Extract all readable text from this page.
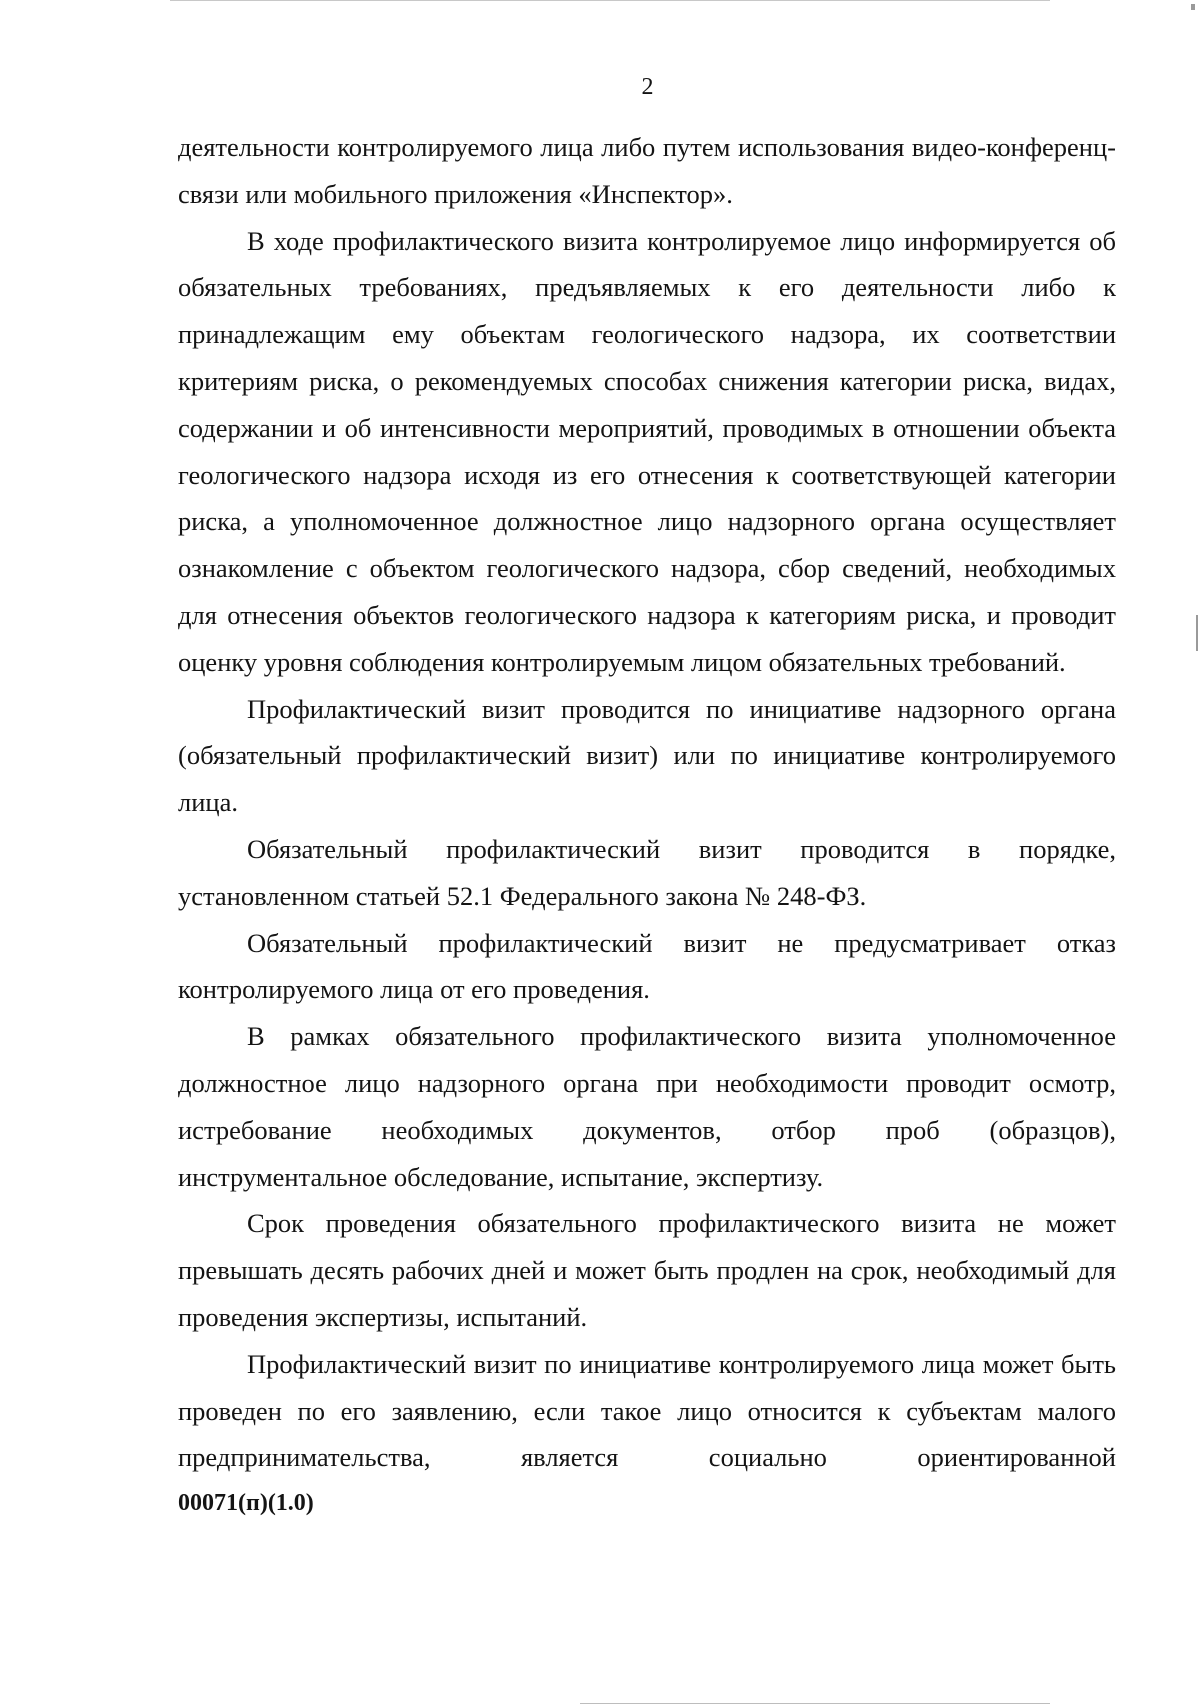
2

деятельности контролируемого лица либо путем использования видео-конференц-связи или мобильного приложения «Инспектор».

В ходе профилактического визита контролируемое лицо информируется об обязательных требованиях, предъявляемых к его деятельности либо к принадлежащим ему объектам геологического надзора, их соответствии критериям риска, о рекомендуемых способах снижения категории риска, видах, содержании и об интенсивности мероприятий, проводимых в отношении объекта геологического надзора исходя из его отнесения к соответствующей категории риска, а уполномоченное должностное лицо надзорного органа осуществляет ознакомление с объектом геологического надзора, сбор сведений, необходимых для отнесения объектов геологического надзора к категориям риска, и проводит оценку уровня соблюдения контролируемым лицом обязательных требований.

Профилактический визит проводится по инициативе надзорного органа (обязательный профилактический визит) или по инициативе контролируемого лица.

Обязательный профилактический визит проводится в порядке, установленном статьей 52.1 Федерального закона № 248-ФЗ.

Обязательный профилактический визит не предусматривает отказ контролируемого лица от его проведения.

В рамках обязательного профилактического визита уполномоченное должностное лицо надзорного органа при необходимости проводит осмотр, истребование необходимых документов, отбор проб (образцов), инструментальное обследование, испытание, экспертизу.

Срок проведения обязательного профилактического визита не может превышать десять рабочих дней и может быть продлен на срок, необходимый для проведения экспертизы, испытаний.

Профилактический визит по инициативе контролируемого лица может быть проведен по его заявлению, если такое лицо относится к субъектам малого предпринимательства, является социально ориентированной

00071(п)(1.0)
